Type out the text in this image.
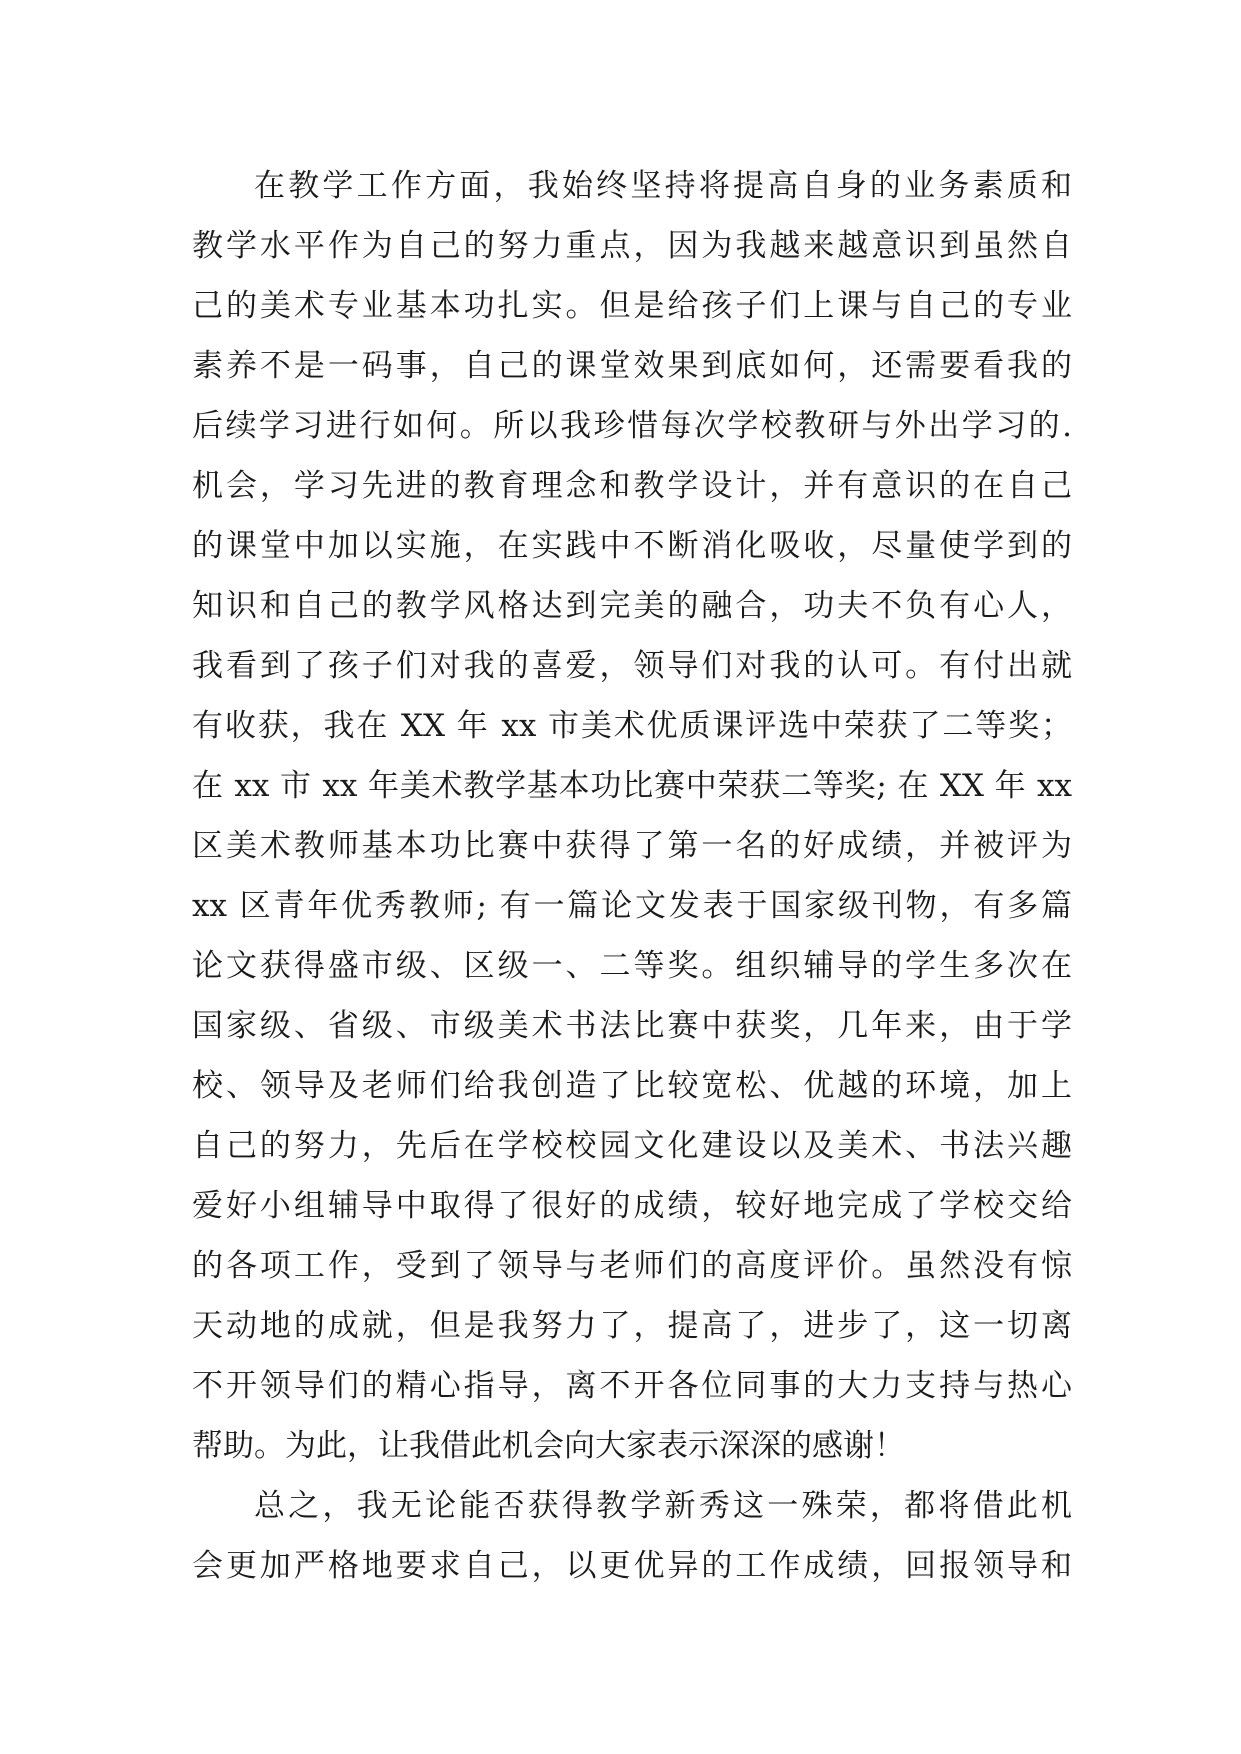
在教学工作方面，我始终坚持将提高自身的业务素质和
教学水平作为自己的努力重点，因为我越来越意识到虽然自
己的美术专业基本功扎实。但是给孩子们上课与自己的专业
素养不是一码事，自己的课堂效果到底如何，还需要看我的
后续学习进行如何。所以我珍惜每次学校教研与外出学习的.
机会，学习先进的教育理念和教学设计，并有意识的在自己
的课堂中加以实施，在实践中不断消化吸收，尽量使学到的
知识和自己的教学风格达到完美的融合，功夫不负有心人，
我看到了孩子们对我的喜爱，领导们对我的认可。有付出就
有收获，我在 XX 年 xx 市美术优质课评选中荣获了二等奖；
在 xx 市 xx 年美术教学基本功比赛中荣获二等奖; 在 XX 年 xx
区美术教师基本功比赛中获得了第一名的好成绩，并被评为
xx 区青年优秀教师; 有一篇论文发表于国家级刊物，有多篇
论文获得盛市级、区级一、二等奖。组织辅导的学生多次在
国家级、省级、市级美术书法比赛中获奖，几年来，由于学
校、领导及老师们给我创造了比较宽松、优越的环境，加上
自己的努力，先后在学校校园文化建设以及美术、书法兴趣
爱好小组辅导中取得了很好的成绩，较好地完成了学校交给
的各项工作，受到了领导与老师们的高度评价。虽然没有惊
天动地的成就，但是我努力了，提高了，进步了，这一切离
不开领导们的精心指导，离不开各位同事的大力支持与热心
帮助。为此，让我借此机会向大家表示深深的感谢！
总之，我无论能否获得教学新秀这一殊荣，都将借此机
会更加严格地要求自己，以更优异的工作成绩，回报领导和
